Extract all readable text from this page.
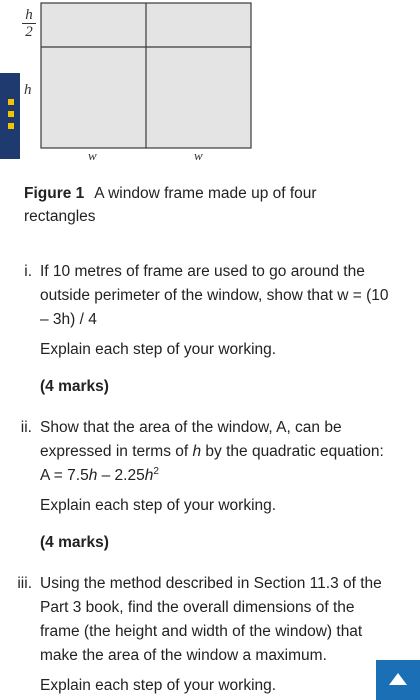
$\frac{h}{2}$
h
w	w
Figure 1 A window frame made up of four rectangles
i. If 10 metres of frame are used to go around the outside perimeter of the window, show that w = (10 – 3h) / 4

Explain each step of your working.

(4 marks)

ii. Show that the area of the window, A, can be expressed in terms of h by the quadratic equation: $A = 7.5h - 2.25h^2$

Explain each step of your working.

(4 marks)

iii. Using the method described in Section 11.3 of the Part 3 book, find the overall dimensions of the frame (the height and width of the window) that make the area of the window a maximum.

Explain each step of your working.
